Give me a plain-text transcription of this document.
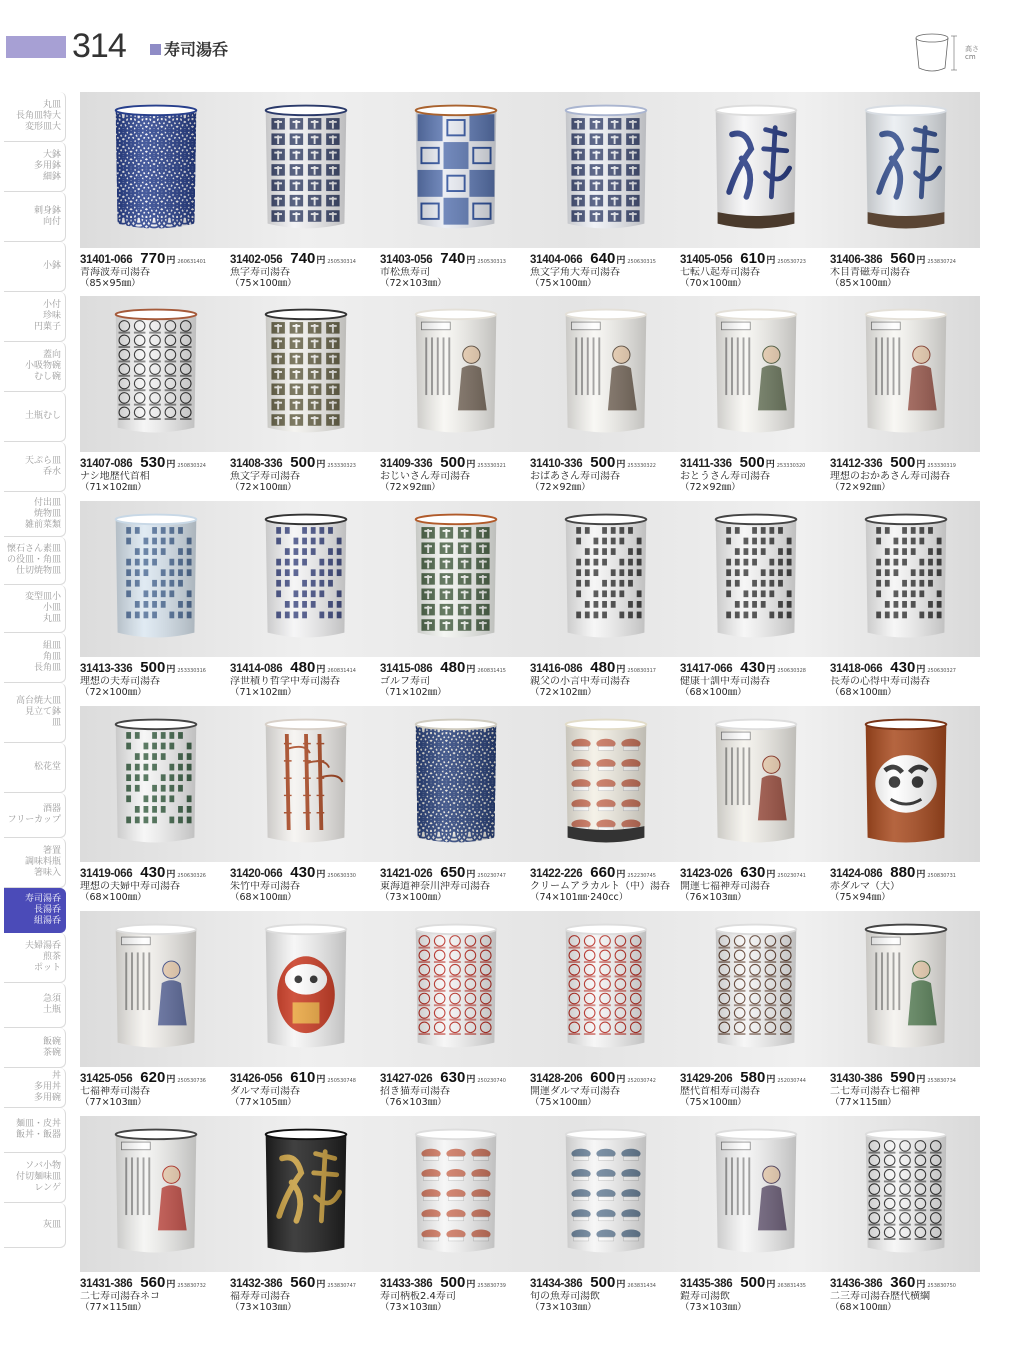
314	寿司湯呑	高さ cm
丸皿
長角皿特大
変形皿大
大鉢
多用鉢
細鉢
刺身鉢
向付
小鉢
小付
珍味
円菓子
蓋向
小吸物碗
むし碗
土瓶むし
天ぷら皿
呑水
付出皿
焼物皿
雑前菜類
懐石さん素皿
の役皿・角皿
仕切焼物皿
変型皿小
小皿
丸皿
組皿
角皿
長角皿
高台焼大皿
見立て鉢
皿
松花堂
酒器
フリーカップ
箸置
調味料瓶
箸味入
寿司湯呑
長湯呑
組湯呑
夫婦湯呑
煎茶
ポット
急須
土瓶
飯碗
茶碗
丼
多用丼
多用碗
麺皿・皮丼
飯丼・飯器
ソバ小物
付切麺味皿
レンゲ
灰皿
31401-066 770 円 260631401
青海波寿司湯呑
（85×95㎜）
31402-056 740 円 250530314
魚字寿司湯呑
（75×100㎜）
31403-056 740 円 250530313
市松魚寿司
（72×103㎜）
31404-066 640 円 250630315
魚文字角大寿司湯呑
（75×100㎜）
31405-056 610 円 250530723
七転八起寿司湯呑
（70×100㎜）
31406-386 560 円 253830724
木目青磁寿司湯呑
（85×100㎜）
31407-086 530 円 250830324
ナシ地歴代首相
（71×102㎜）
31408-336 500 円 253330323
魚文字寿司湯呑
（72×100㎜）
31409-336 500 円 253330321
おじいさん寿司湯呑
（72×92㎜）
31410-336 500 円 253330322
おばあさん寿司湯呑
（72×92㎜）
31411-336 500 円 253330320
おとうさん寿司湯呑
（72×92㎜）
31412-336 500 円 253330319
理想のおかあさん寿司湯呑
（72×92㎜）
31413-336 500 円 253330316
理想の夫寿司湯呑
（72×100㎜）
31414-086 480 円 260831414
浮世積り哲学中寿司湯呑
（71×102㎜）
31415-086 480 円 260831415
ゴルフ寿司
（71×102㎜）
31416-086 480 円 250830317
親父の小言中寿司湯呑
（72×102㎜）
31417-066 430 円 250630328
健康十訓中寿司湯呑
（68×100㎜）
31418-066 430 円 250630327
長寿の心得中寿司湯呑
（68×100㎜）
31419-066 430 円 250630326
理想の夫婦中寿司湯呑
（68×100㎜）
31420-066 430 円 250630330
朱竹中寿司湯呑
（68×100㎜）
31421-026 650 円 250230747
東海道神奈川沖寿司湯呑
（73×100㎜）
31422-226 660 円 252230745
クリームアラカルト（中）湯呑
（74×101㎜·240cc）
31423-026 630 円 250230741
開運七福神寿司湯呑
（76×103㎜）
31424-086 880 円 250830731
赤ダルマ（大）
（75×94㎜）
31425-056 620 円 250530736
七福神寿司湯呑
（77×103㎜）
31426-056 610 円 250530748
ダルマ寿司湯呑
（77×105㎜）
31427-026 630 円 250230740
招き猫寿司湯呑
（76×103㎜）
31428-206 600 円 252030742
開運ダルマ寿司湯呑
（75×100㎜）
31429-206 580 円 252030744
歴代首相寿司湯呑
（75×100㎜）
31430-386 590 円 253830734
二七寿司湯呑七福神
（77×115㎜）
31431-386 560 円 253830732
二七寿司湯呑ネコ
（77×115㎜）
31432-386 560 円 253830747
福寿寿司湯呑
（73×103㎜）
31433-386 500 円 253830739
寿司柄板2.4寿司
（73×103㎜）
31434-386 500 円 263831434
旬の魚寿司湯飲
（73×103㎜）
31435-386 500 円 263831435
鎧寿司湯飲
（73×103㎜）
31436-386 360 円 253830750
二三寿司湯呑歴代横綱
（68×100㎜）
